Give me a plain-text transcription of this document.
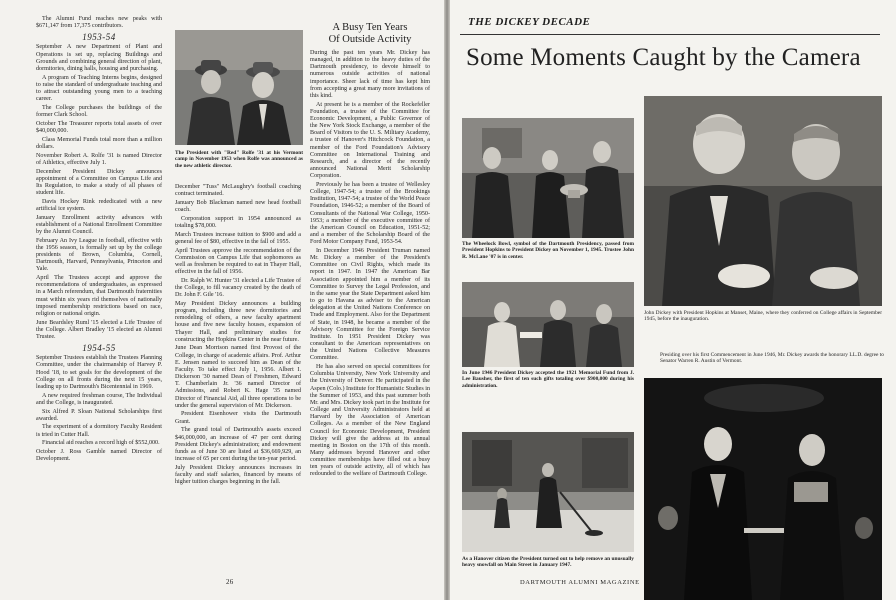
The Alumni Fund reaches new peaks with $671,147 from 17,375 contributors.

1953-54

September A new Department of Plant and Operations is set up, replacing Buildings and Grounds and combining general direction of plant, dormitories, dining halls, housing and purchasing.

A program of Teaching Interns begins, designed to raise the standard of undergraduate teaching and to attract outstanding young men to a teaching career.

The College purchases the buildings of the former Clark School.

October The Treasurer reports total assets of over $40,000,000.

Class Memorial Funds total more than a million dollars.

November Robert A. Rolfe '31 is named Director of Athletics, effective July 1.

December President Dickey announces appointment of a Committee on Campus Life and Its Regulation, to make a study of all phases of student life.

Davis Hockey Rink rededicated with a new artificial ice system.

January Enrollment activity advances with establishment of a National Enrollment Committee by the Alumni Council.

February An Ivy League in football, effective with the 1956 season, is formally set up by the college presidents of Brown, Columbia, Cornell, Dartmouth, Harvard, Pennsylvania, Princeton and Yale.

April The Trustees accept and approve the recommendations of undergraduates, as expressed in a March referendum, that Dartmouth fraternities must within six years rid themselves of nationally imposed membership restrictions based on race, religion or national origin.

June Beardsley Ruml '15 elected a Life Trustee of the College. Albert Bradley '15 elected an Alumni Trustee.

1954-55

September Trustees establish the Trustees Planning Committee, under the chairmanship of Harvey P. Hood '18, to set goals for the development of the College on all fronts during the next 15 years, leading up to Dartmouth's Bicentennial in 1969.

A new required freshman course, The Individual and the College, is inaugurated.

Six Alfred P. Sloan National Scholarships first awarded.

The experiment of a dormitory Faculty Resident is tried in Cutter Hall.

Financial aid reaches a record high of $552,000.

October J. Ross Gamble named Director of Development.

The President with "Red" Rolfe '31 at his Vermont camp in November 1953 when Rolfe was announced as the new athletic director.

December "Tuss" McLaughry's football coaching contract terminated.

January Bob Blackman named new head football coach.

Corporation support in 1954 announced as totaling $78,000.

March Trustees increase tuition to $900 and add a general fee of $80, effective in the fall of 1955.

April Trustees approve the recommendation of the Commission on Campus Life that sophomores as well as freshmen be required to eat in Thayer Hall, effective in the fall of 1956.

Dr. Ralph W. Hunter '31 elected a Life Trustee of the College, to fill vacancy created by the death of Dr. John F. Gile '16.

May President Dickey announces a building program, including three new dormitories and remodeling of others, a new faculty apartment house and five new faculty houses, expansion of Thayer Hall, and preliminary studies for constructing the Hopkins Center in the near future.

June Dean Morrison named first Provost of the College, in charge of academic affairs. Prof. Arthur E. Jensen named to succeed him as Dean of the Faculty. To take effect July 1, 1956. Albert I. Dickerson '30 named Dean of Freshmen, Edward T. Chamberlain Jr. '36 named Director of Admissions, and Robert K. Hage '35 named Director of Financial Aid, all three operations to be under the general supervision of Mr. Dickerson.

President Eisenhower visits the Dartmouth Grant.

The grand total of Dartmouth's assets exceed $46,000,000, an increase of 47 per cent during President Dickey's administration; and endowment funds as of June 30 are listed at $36,669,929, an increase of 65 per cent during the ten-year period.

July President Dickey announces increases in faculty and staff salaries, financed by means of higher tuition charges beginning in the fall.

A Busy Ten Years
Of Outside Activity

During the past ten years Mr. Dickey has managed, in addition to the heavy duties of the Dartmouth presidency, to devote himself to numerous outside activities of national importance. Sheer lack of time has kept him from accepting a great many more invitations of this kind.

At present he is a member of the Rockefeller Foundation, a trustee of the Committee for Economic Development, a Public Governor of the New York Stock Exchange, a member of the Board of Visitors to the U. S. Military Academy, a trustee of Hanover's Hitchcock Foundation, a member of the Ford Foundation's Advisory Committee on International Training and Research, and a director of the recently announced National Merit Scholarship Corporation.

Previously he has been a trustee of Wellesley College, 1947-54; a trustee of the Brookings Institution, 1947-54; a trustee of the World Peace Foundation, 1946-52; a member of the Board of Consultants of the National War College, 1950-1953; a member of the executive committee of the American Council on Education, 1951-52; and a member of the Scholarship Board of the Ford Motor Company Fund, 1953-54.

In December 1946 President Truman named Mr. Dickey a member of the President's Committee on Civil Rights, which made its report in 1947. In 1947 the American Bar Association appointed him a member of its Committee to Survey the Legal Profession, and in the same year the State Department asked him to go to Havana as adviser to the American delegation at the United Nations Conference on Trade and Employment. Also for the Department of State, in 1948, he became a member of the Advisory Committee for the Foreign Service Institute. In 1951 President Dickey was consultant to the American representatives on the United Nations Collective Measures Committee.

He has also served on special committees for Columbia University, New York University and the University of Denver. He participated in the Aspen (Colo.) Institute for Humanistic Studies in the Summer of 1953, and this past summer both Mr. and Mrs. Dickey took part in the Institute for College and University Administrators held at Harvard by the Association of American Colleges. As a member of the New England Council for Economic Development, President Dickey will give the address at its annual meeting in Boston on the 17th of this month. Many addresses beyond Hanover and other committee memberships have filled out a busy ten years of outside activity, all of which has redounded to the welfare of Dartmouth College.

26
THE DICKEY DECADE
Some Moments Caught by the Camera
The Wheelock Bowl, symbol of the Dartmouth Presidency, passed from President Hopkins to President Dickey on November 1, 1945. Trustee John R. McLane '07 is in center.
John Dickey with President Hopkins at Manset, Maine, where they conferred on College affairs in September 1945, before the inauguration.
In June 1946 President Dickey accepted the 1921 Memorial Fund from J. Lee Bausher, the first of ten such gifts totaling over $900,000 during his administration.
As a Hanover citizen the President turned out to help remove an unusually heavy snowfall on Main Street in January 1947.
Presiding over his first Commencement in June 1946, Mr. Dickey awards the honorary LL.D. degree to Senator Warren R. Austin of Vermont.
DARTMOUTH ALUMNI MAGAZINE
